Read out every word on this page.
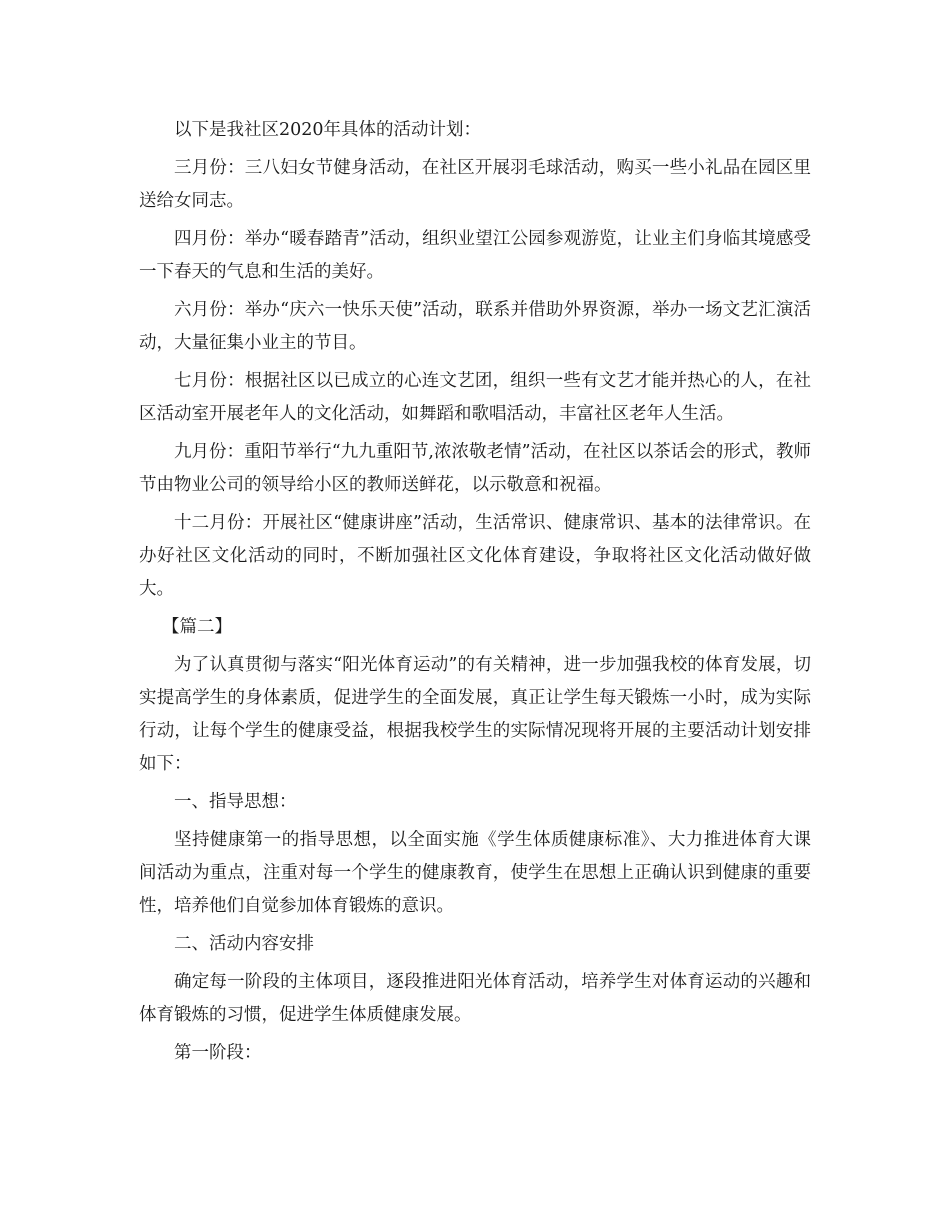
以下是我社区2020年具体的活动计划：

三月份：三八妇女节健身活动，在社区开展羽毛球活动，购买一些小礼品在园区里送给女同志。

四月份：举办“暖春踏青”活动，组织业望江公园参观游览，让业主们身临其境感受一下春天的气息和生活的美好。

六月份：举办“庆六一快乐天使”活动，联系并借助外界资源，举办一场文艺汇演活动，大量征集小业主的节目。

七月份：根据社区以已成立的心连文艺团，组织一些有文艺才能并热心的人，在社区活动室开展老年人的文化活动，如舞蹈和歌唱活动，丰富社区老年人生活。

九月份：重阳节举行“九九重阳节,浓浓敬老情”活动，在社区以茶话会的形式，教师节由物业公司的领导给小区的教师送鲜花，以示敬意和祝福。

十二月份：开展社区“健康讲座”活动，生活常识、健康常识、基本的法律常识。在办好社区文化活动的同时，不断加强社区文化体育建设，争取将社区文化活动做好做大。

【篇二】

为了认真贯彻与落实“阳光体育运动”的有关精神，进一步加强我校的体育发展，切实提高学生的身体素质，促进学生的全面发展，真正让学生每天锻炼一小时，成为实际行动，让每个学生的健康受益，根据我校学生的实际情况现将开展的主要活动计划安排如下：

一、指导思想：

坚持健康第一的指导思想，以全面实施《学生体质健康标准》、大力推进体育大课间活动为重点，注重对每一个学生的健康教育，使学生在思想上正确认识到健康的重要性，培养他们自觉参加体育锻炼的意识。

二、活动内容安排

确定每一阶段的主体项目，逐段推进阳光体育活动，培养学生对体育运动的兴趣和体育锻炼的习惯，促进学生体质健康发展。

第一阶段：
